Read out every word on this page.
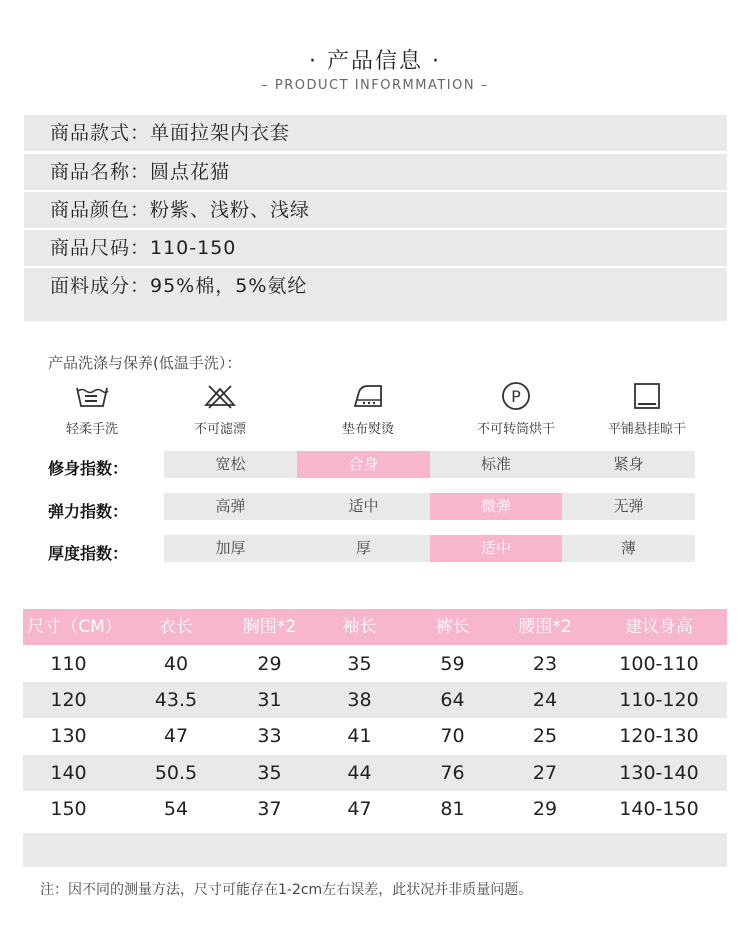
· 产品信息 ·
– PRODUCT INFORMMATION –
商品款式：单面拉架内衣套
商品名称：圆点花猫
商品颜色：粉紫、浅粉、浅绿
商品尺码：110-150
面料成分：95%棉，5%氨纶
产品洗涤与保养(低温手洗）：
轻柔手洗	不可滤漂	垫布熨烫
P
不可转筒烘干	平铺悬挂晾干
修身指数：	宽松	合身	标准	紧身
弹力指数：	高弹	适中	微弹	无弹
厚度指数：	加厚	厚	适中	薄
尺寸（CM）	衣长	胸围*2	袖长	裤长	腰围*2	建议身高
110	40	29	35	59	23	100-110
120	43.5	31	38	64	24	110-120
130	47	33	41	70	25	120-130
140	50.5	35	44	76	27	130-140
150	54	37	47	81	29	140-150
注：因不同的测量方法，尺寸可能存在1-2cm左右误差，此状况并非质量问题。
